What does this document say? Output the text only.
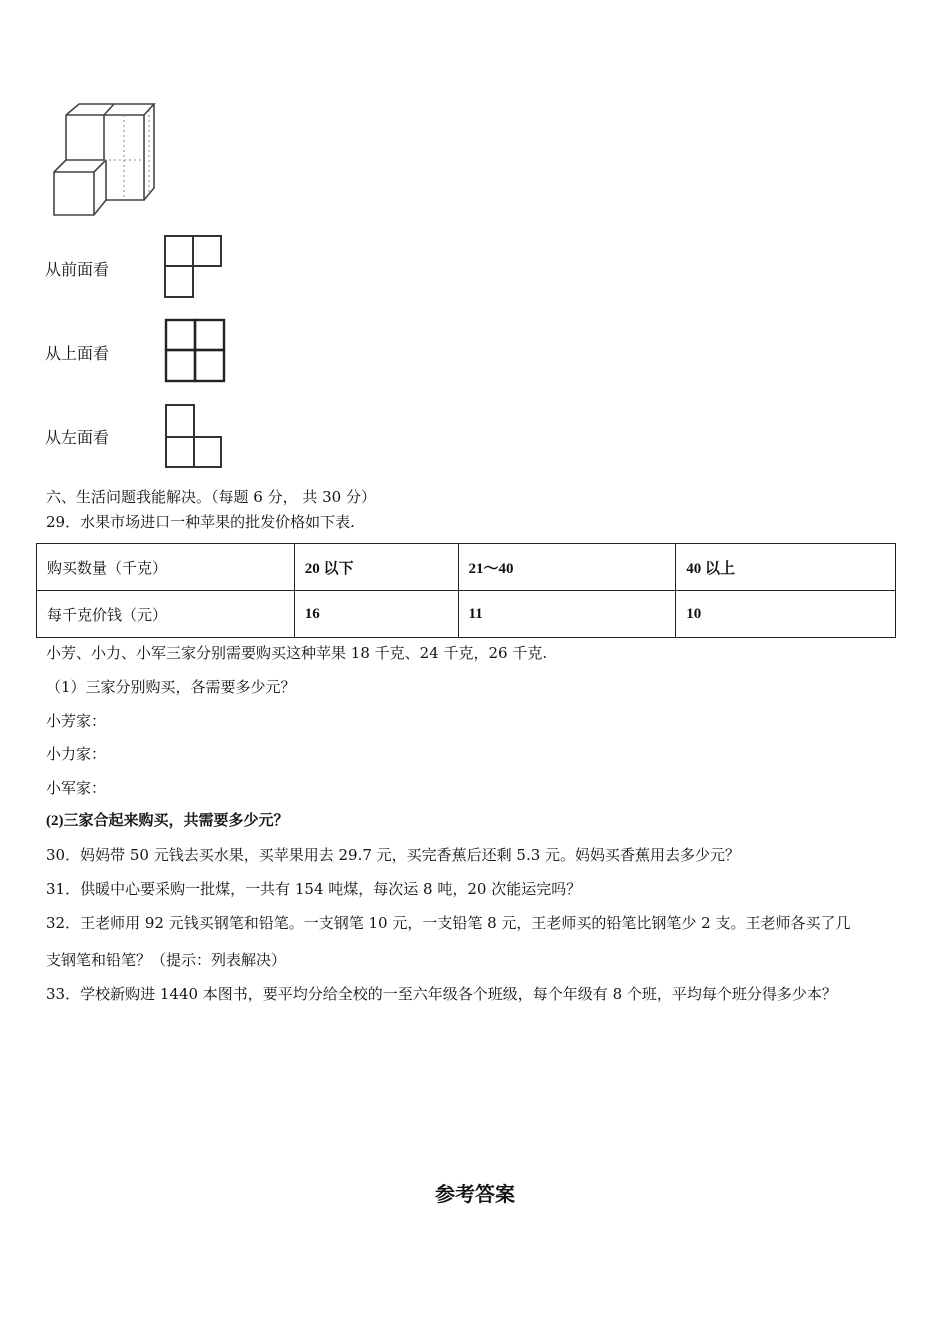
从前面看
从上面看
从左面看
六、生活问题我能解决。（每题 6 分， 共 30 分）
29．水果市场进口一种苹果的批发价格如下表.
购买数量（千克）	20 以下	21～40	40 以上
每千克价钱（元）	16	11	10
小芳、小力、小军三家分别需要购买这种苹果 18 千克、24 千克，26 千克.
（1）三家分别购买，各需要多少元？
小芳家：
小力家：
小军家：
(2)三家合起来购买，共需要多少元？
30．妈妈带 50 元钱去买水果，买苹果用去 29.7 元，买完香蕉后还剩 5.3 元。妈妈买香蕉用去多少元？
31．供暖中心要采购一批煤，一共有 154 吨煤，每次运 8 吨，20 次能运完吗？
32．王老师用 92 元钱买钢笔和铅笔。一支钢笔 10 元，一支铅笔 8 元，王老师买的铅笔比钢笔少 2 支。王老师各买了几
支钢笔和铅笔？（提示：列表解决）
33．学校新购进 1440 本图书，要平均分给全校的一至六年级各个班级，每个年级有 8 个班，平均每个班分得多少本？
参考答案
